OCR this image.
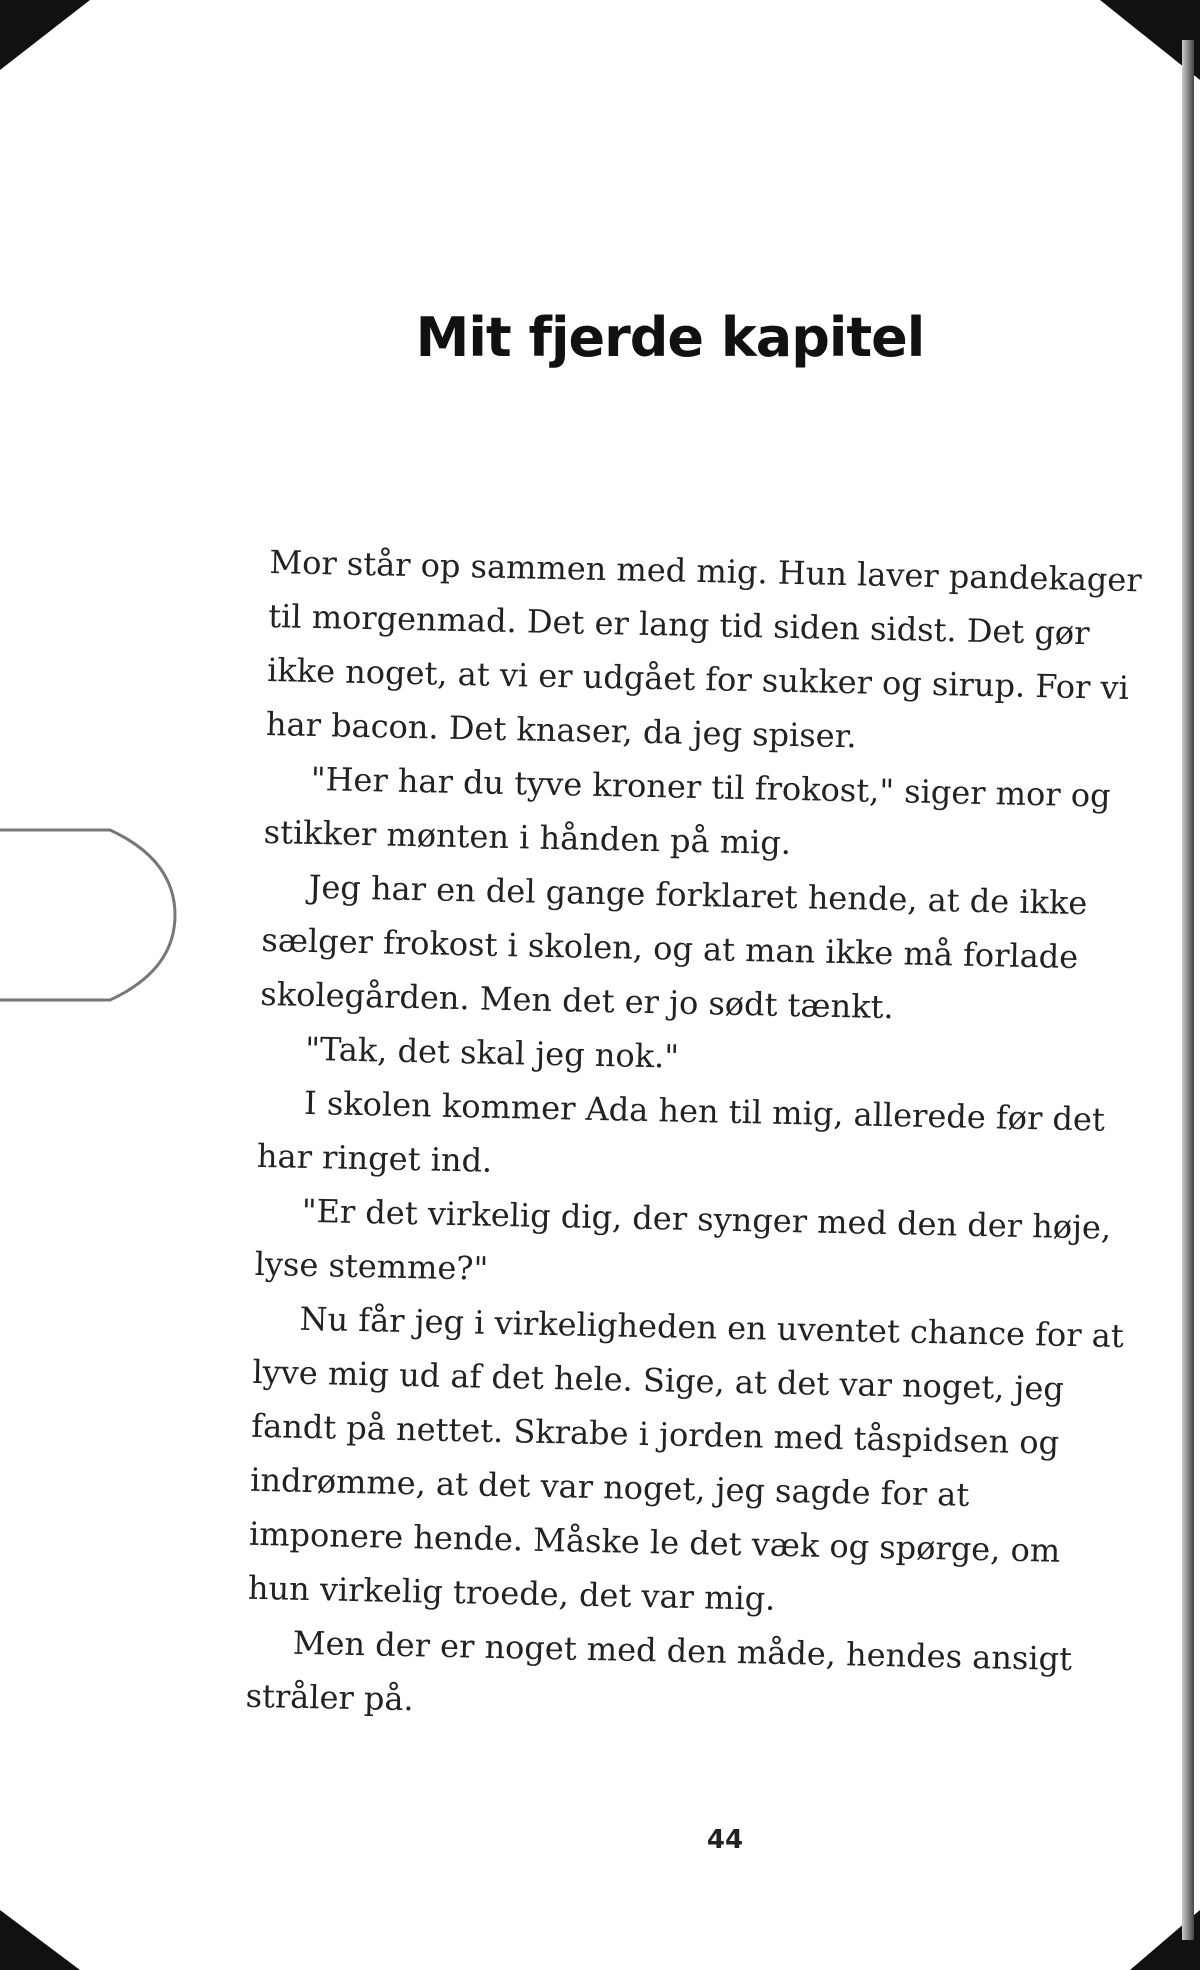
Mit fjerde kapitel

Mor står op sammen med mig. Hun laver pandekager til morgenmad. Det er lang tid siden sidst. Det gør ikke noget, at vi er udgået for sukker og sirup. For vi har bacon. Det knaser, da jeg spiser.

"Her har du tyve kroner til frokost," siger mor og stikker mønten i hånden på mig.

Jeg har en del gange forklaret hende, at de ikke sælger frokost i skolen, og at man ikke må forlade skolegården. Men det er jo sødt tænkt.

"Tak, det skal jeg nok."

I skolen kommer Ada hen til mig, allerede før det har ringet ind.

"Er det virkelig dig, der synger med den der høje, lyse stemme?"

Nu får jeg i virkeligheden en uventet chance for at lyve mig ud af det hele. Sige, at det var noget, jeg fandt på nettet. Skrabe i jorden med tåspidsen og indrømme, at det var noget, jeg sagde for at imponere hende. Måske le det væk og spørge, om hun virkelig troede, det var mig.

Men der er noget med den måde, hendes ansigt stråler på.

44
